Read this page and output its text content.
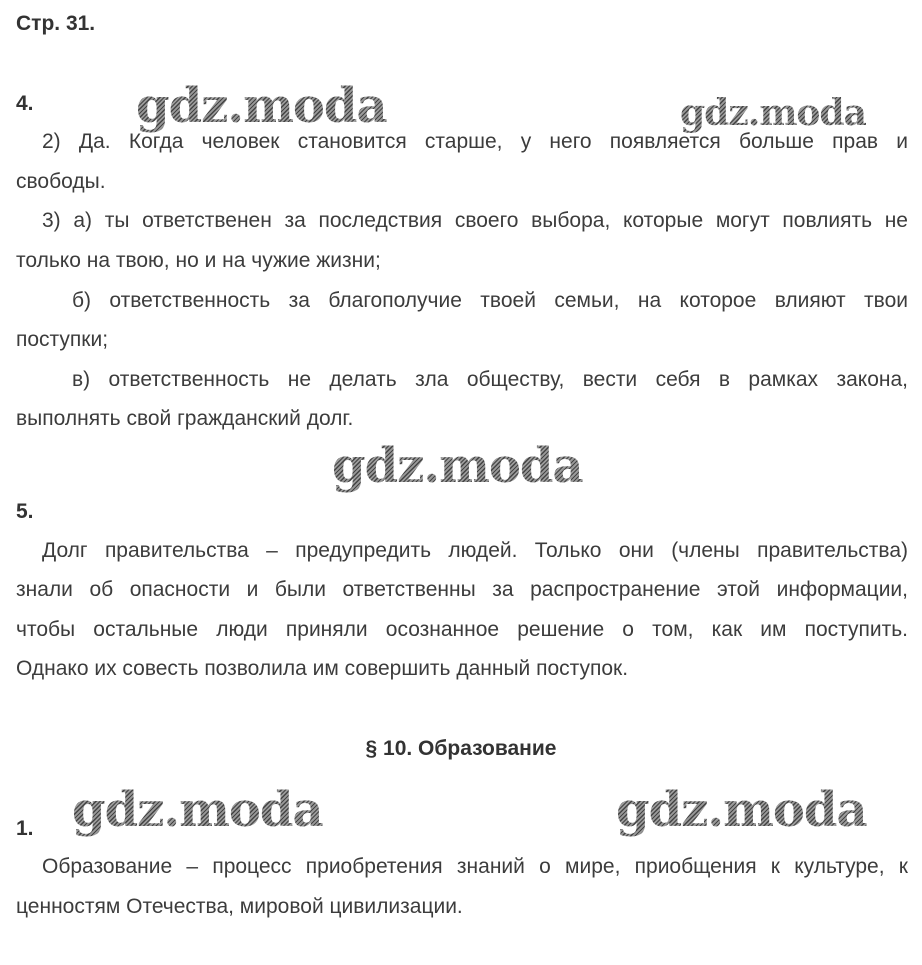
Стр. 31.
gdz.moda	gdz.moda
gdz.moda
gdz.moda	gdz.moda
4.
2) Да. Когда человек становится старше, у него появляется больше прав и
свободы.
3) а) ты ответственен за последствия своего выбора, которые могут повлиять не
только на твою, но и на чужие жизни;
б) ответственность за благополучие твоей семьи, на которое влияют твои
поступки;
в) ответственность не делать зла обществу, вести себя в рамках закона,
выполнять свой гражданский долг.
5.
Долг правительства – предупредить людей. Только они (члены правительства)
знали об опасности и были ответственны за распространение этой информации,
чтобы остальные люди приняли осознанное решение о том, как им поступить.
Однако их совесть позволила им совершить данный поступок.
§ 10. Образование
1.
Образование – процесс приобретения знаний о мире, приобщения к культуре, к
ценностям Отечества, мировой цивилизации.
